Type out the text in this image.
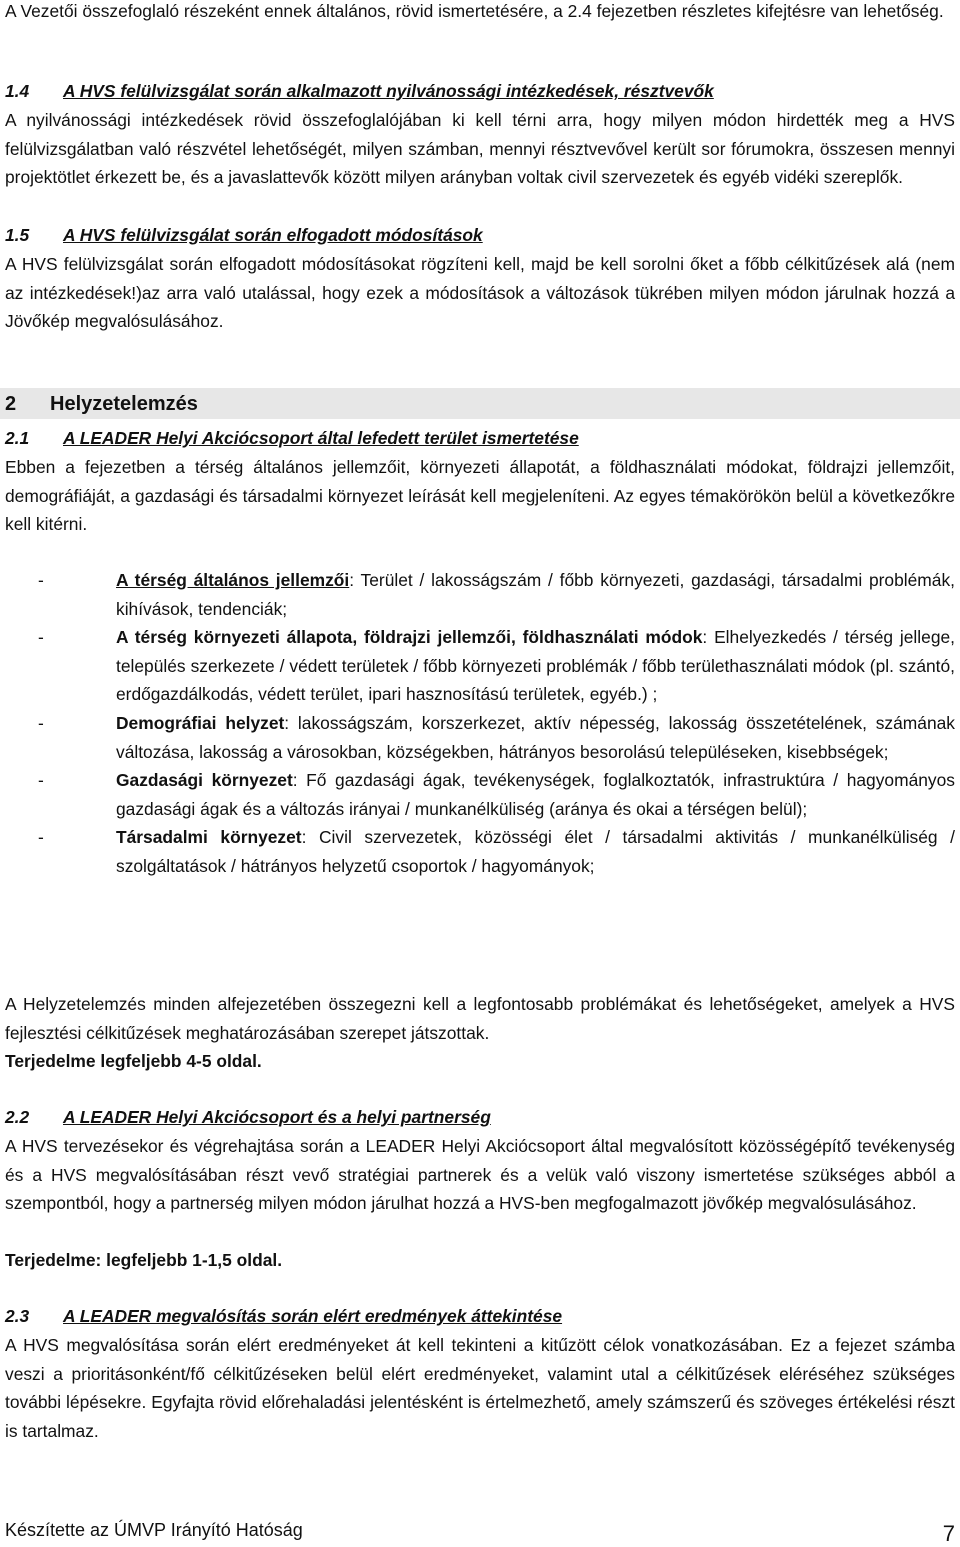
A Vezetői összefoglaló részeként ennek általános, rövid ismertetésére, a 2.4 fejezetben részletes kifejtésre van lehetőség.
1.4 A HVS felülvizsgálat során alkalmazott nyilvánossági intézkedések, résztvevők
A nyilvánossági intézkedések rövid összefoglalójában ki kell térni arra, hogy milyen módon hirdették meg a HVS felülvizsgálatban való részvétel lehetőségét, milyen számban, mennyi résztvevővel került sor fórumokra, összesen mennyi projektötlet érkezett be, és a javaslattevők között milyen arányban voltak civil szervezetek és egyéb vidéki szereplők.
1.5 A HVS felülvizsgálat során elfogadott módosítások
A HVS felülvizsgálat során elfogadott módosításokat rögzíteni kell, majd be kell sorolni őket a főbb célkitűzések alá (nem az intézkedések!)az arra való utalással, hogy ezek a módosítások a változások tükrében milyen módon járulnak hozzá a Jövőkép megvalósulásához.
2 Helyzetelemzés
2.1 A LEADER Helyi Akciócsoport által lefedett terület ismertetése
Ebben a fejezetben a térség általános jellemzőit, környezeti állapotát, a földhasználati módokat, földrajzi jellemzőit, demográfiáját, a gazdasági és társadalmi környezet leírását kell megjeleníteni. Az egyes témakörökön belül a következőkre kell kitérni.
-	A térség általános jellemzői: Terület / lakosságszám / főbb környezeti, gazdasági, társadalmi problémák, kihívások, tendenciák;
-	A térség környezeti állapota, földrajzi jellemzői, földhasználati módok: Elhelyezkedés / térség jellege, település szerkezete / védett területek / főbb környezeti problémák / főbb területhasználati módok (pl. szántó, erdőgazdálkodás, védett terület, ipari hasznosítású területek, egyéb.) ;
-	Demográfiai helyzet: lakosságszám, korszerkezet, aktív népesség, lakosság összetételének, számának változása, lakosság a városokban, községekben, hátrányos besorolású településeken, kisebbségek;
-	Gazdasági környezet: Fő gazdasági ágak, tevékenységek, foglalkoztatók, infrastruktúra / hagyományos gazdasági ágak és a változás irányai / munkanélküliség (aránya és okai a térségen belül);
-	Társadalmi környezet: Civil szervezetek, közösségi élet / társadalmi aktivitás / munkanélküliség / szolgáltatások / hátrányos helyzetű csoportok / hagyományok;
A Helyzetelemzés minden alfejezetében összegezni kell a legfontosabb problémákat és lehetőségeket, amelyek a HVS fejlesztési célkitűzések meghatározásában szerepet játszottak.
Terjedelme legfeljebb 4-5 oldal.
2.2 A LEADER Helyi Akciócsoport és a helyi partnerség
A HVS tervezésekor és végrehajtása során a LEADER Helyi Akciócsoport által megvalósított közösségépítő tevékenység és a HVS megvalósításában részt vevő stratégiai partnerek és a velük való viszony ismertetése szükséges abból a szempontból, hogy a partnerség milyen módon járulhat hozzá a HVS-ben megfogalmazott jövőkép megvalósulásához.
Terjedelme: legfeljebb 1-1,5 oldal.
2.3 A LEADER megvalósítás során elért eredmények áttekintése
A HVS megvalósítása során elért eredményeket át kell tekinteni a kitűzött célok vonatkozásában. Ez a fejezet számba veszi a prioritásonként/fő célkitűzéseken belül elért eredményeket, valamint utal a célkitűzések eléréséhez szükséges további lépésekre. Egyfajta rövid előrehaladási jelentésként is értelmezhető, amely számszerű és szöveges értékelési részt is tartalmaz.
Készítette az ÚMVP Irányító Hatóság	7
